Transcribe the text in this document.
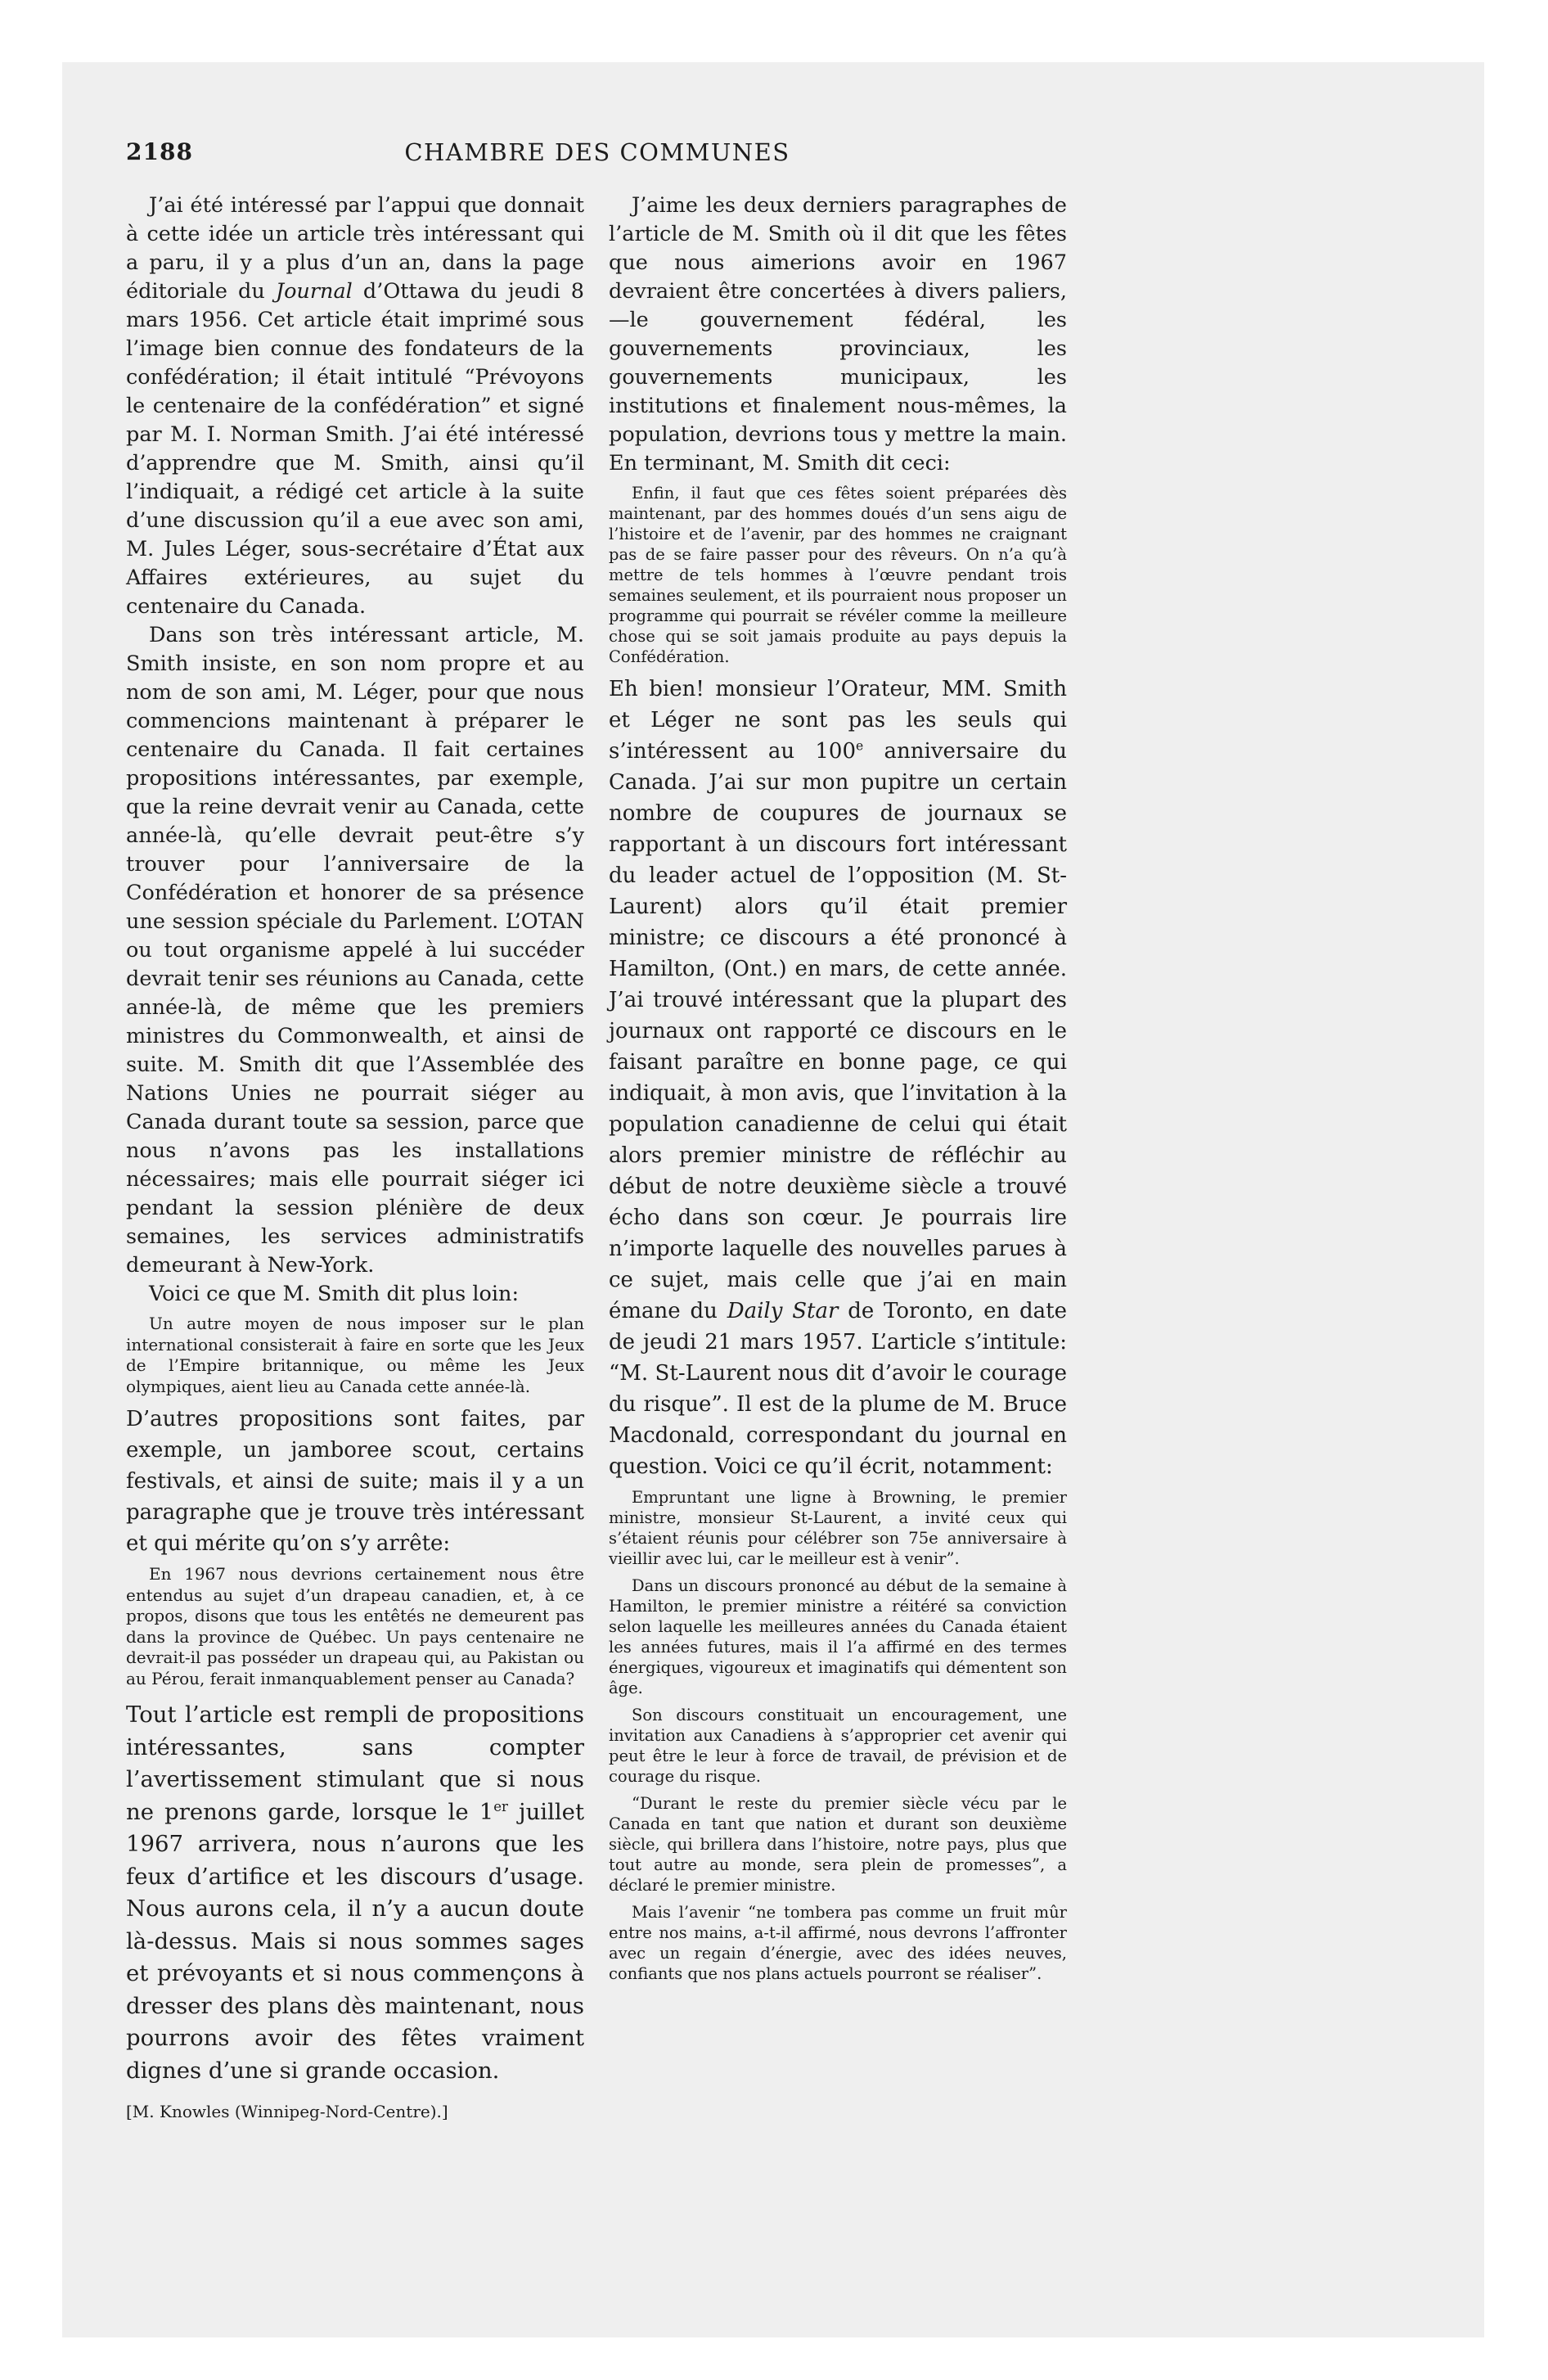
2188	CHAMBRE DES COMMUNES

J’ai été intéressé par l’appui que donnait à cette idée un article très intéressant qui a paru, il y a plus d’un an, dans la page éditoriale du Journal d’Ottawa du jeudi 8 mars 1956. Cet article était imprimé sous l’image bien connue des fondateurs de la confédération; il était intitulé “Prévoyons le centenaire de la confédération” et signé par M. I. Norman Smith. J’ai été intéressé d’apprendre que M. Smith, ainsi qu’il l’indiquait, a rédigé cet article à la suite d’une discussion qu’il a eue avec son ami, M. Jules Léger, sous-secrétaire d’État aux Affaires extérieures, au sujet du centenaire du Canada.

Dans son très intéressant article, M. Smith insiste, en son nom propre et au nom de son ami, M. Léger, pour que nous commencions maintenant à préparer le centenaire du Canada. Il fait certaines propositions intéressantes, par exemple, que la reine devrait venir au Canada, cette année-là, qu’elle devrait peut-être s’y trouver pour l’anniversaire de la Confédération et honorer de sa présence une session spéciale du Parlement. L’OTAN ou tout organisme appelé à lui succéder devrait tenir ses réunions au Canada, cette année-là, de même que les premiers ministres du Commonwealth, et ainsi de suite. M. Smith dit que l’Assemblée des Nations Unies ne pourrait siéger au Canada durant toute sa session, parce que nous n’avons pas les installations nécessaires; mais elle pourrait siéger ici pendant la session plénière de deux semaines, les services administratifs demeurant à New-York.

Voici ce que M. Smith dit plus loin:

Un autre moyen de nous imposer sur le plan international consisterait à faire en sorte que les Jeux de l’Empire britannique, ou même les Jeux olympiques, aient lieu au Canada cette année-là.

D’autres propositions sont faites, par exemple, un jamboree scout, certains festivals, et ainsi de suite; mais il y a un paragraphe que je trouve très intéressant et qui mérite qu’on s’y arrête:

En 1967 nous devrions certainement nous être entendus au sujet d’un drapeau canadien, et, à ce propos, disons que tous les entêtés ne demeurent pas dans la province de Québec. Un pays centenaire ne devrait-il pas posséder un drapeau qui, au Pakistan ou au Pérou, ferait inmanquablement penser au Canada?

Tout l’article est rempli de propositions intéressantes, sans compter l’avertissement stimulant que si nous ne prenons garde, lorsque le 1er juillet 1967 arrivera, nous n’aurons que les feux d’artifice et les discours d’usage. Nous aurons cela, il n’y a aucun doute là-dessus. Mais si nous sommes sages et prévoyants et si nous commençons à dresser des plans dès maintenant, nous pourrons avoir des fêtes vraiment dignes d’une si grande occasion.

[M. Knowles (Winnipeg-Nord-Centre).]

J’aime les deux derniers paragraphes de l’article de M. Smith où il dit que les fêtes que nous aimerions avoir en 1967 devraient être concertées à divers paliers,—le gouvernement fédéral, les gouvernements provinciaux, les gouvernements municipaux, les institutions et finalement nous-mêmes, la population, devrions tous y mettre la main. En terminant, M. Smith dit ceci:

Enfin, il faut que ces fêtes soient préparées dès maintenant, par des hommes doués d’un sens aigu de l’histoire et de l’avenir, par des hommes ne craignant pas de se faire passer pour des rêveurs. On n’a qu’à mettre de tels hommes à l’œuvre pendant trois semaines seulement, et ils pourraient nous proposer un programme qui pourrait se révéler comme la meilleure chose qui se soit jamais produite au pays depuis la Confédération.

Eh bien! monsieur l’Orateur, MM. Smith et Léger ne sont pas les seuls qui s’intéressent au 100e anniversaire du Canada. J’ai sur mon pupitre un certain nombre de coupures de journaux se rapportant à un discours fort intéressant du leader actuel de l’opposition (M. St-Laurent) alors qu’il était premier ministre; ce discours a été prononcé à Hamilton, (Ont.) en mars, de cette année. J’ai trouvé intéressant que la plupart des journaux ont rapporté ce discours en le faisant paraître en bonne page, ce qui indiquait, à mon avis, que l’invitation à la population canadienne de celui qui était alors premier ministre de réfléchir au début de notre deuxième siècle a trouvé écho dans son cœur. Je pourrais lire n’importe laquelle des nouvelles parues à ce sujet, mais celle que j’ai en main émane du Daily Star de Toronto, en date de jeudi 21 mars 1957. L’article s’intitule: “M. St-Laurent nous dit d’avoir le courage du risque”. Il est de la plume de M. Bruce Macdonald, correspondant du journal en question. Voici ce qu’il écrit, notamment:

Empruntant une ligne à Browning, le premier ministre, monsieur St-Laurent, a invité ceux qui s’étaient réunis pour célébrer son 75e anniversaire à vieillir avec lui, car le meilleur est à venir”.

Dans un discours prononcé au début de la semaine à Hamilton, le premier ministre a réitéré sa conviction selon laquelle les meilleures années du Canada étaient les années futures, mais il l’a affirmé en des termes énergiques, vigoureux et imaginatifs qui démentent son âge.

Son discours constituait un encouragement, une invitation aux Canadiens à s’approprier cet avenir qui peut être le leur à force de travail, de prévision et de courage du risque.

“Durant le reste du premier siècle vécu par le Canada en tant que nation et durant son deuxième siècle, qui brillera dans l’histoire, notre pays, plus que tout autre au monde, sera plein de promesses”, a déclaré le premier ministre.

Mais l’avenir “ne tombera pas comme un fruit mûr entre nos mains, a-t-il affirmé, nous devrons l’affronter avec un regain d’énergie, avec des idées neuves, confiants que nos plans actuels pourront se réaliser”.
